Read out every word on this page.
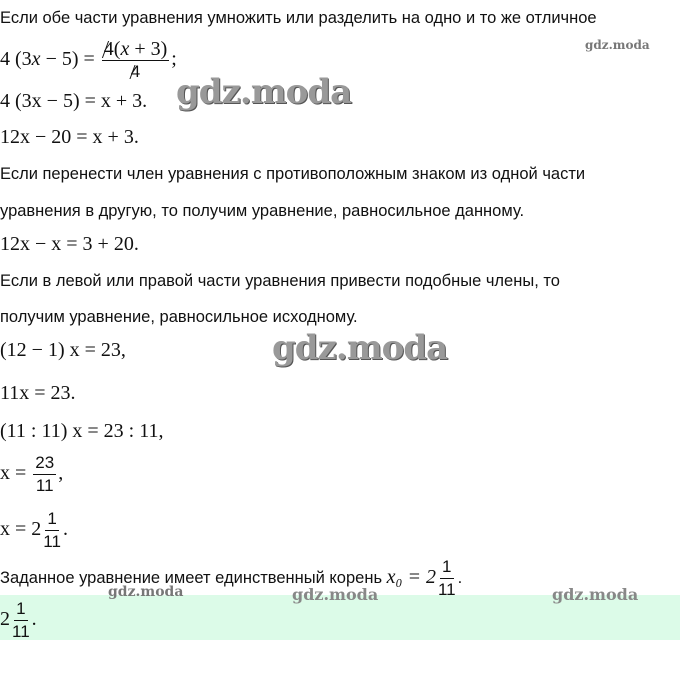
Если обе части уравнения умножить или разделить на одно и то же отличное
4 $(3x - 5) = \frac{4(x + 3)}{4}$ ;
4 (3x − 5) = x + 3.
12x − 20 = x + 3.
Если перенести член уравнения с противоположным знаком из одной части
уравнения в другую, то получим уравнение, равносильное данному.
12x − x = 3 + 20.
Если в левой или правой части уравнения привести подобные члены, то
получим уравнение, равносильное исходному.
(12 − 1) x = 23,
11x = 23.
(11 : 11) x = 23 : 11,
$x = \frac{23}{11}$ ,
$x = 2 \frac{1}{11}$ .
Заданное уравнение имеет единственный корень $x_0 = 2 \frac{1}{11}$ .
$2 \frac{1}{11}$ .
gdz.moda
gdz.moda
gdz.moda
gdz.moda	gdz.moda	gdz.moda
